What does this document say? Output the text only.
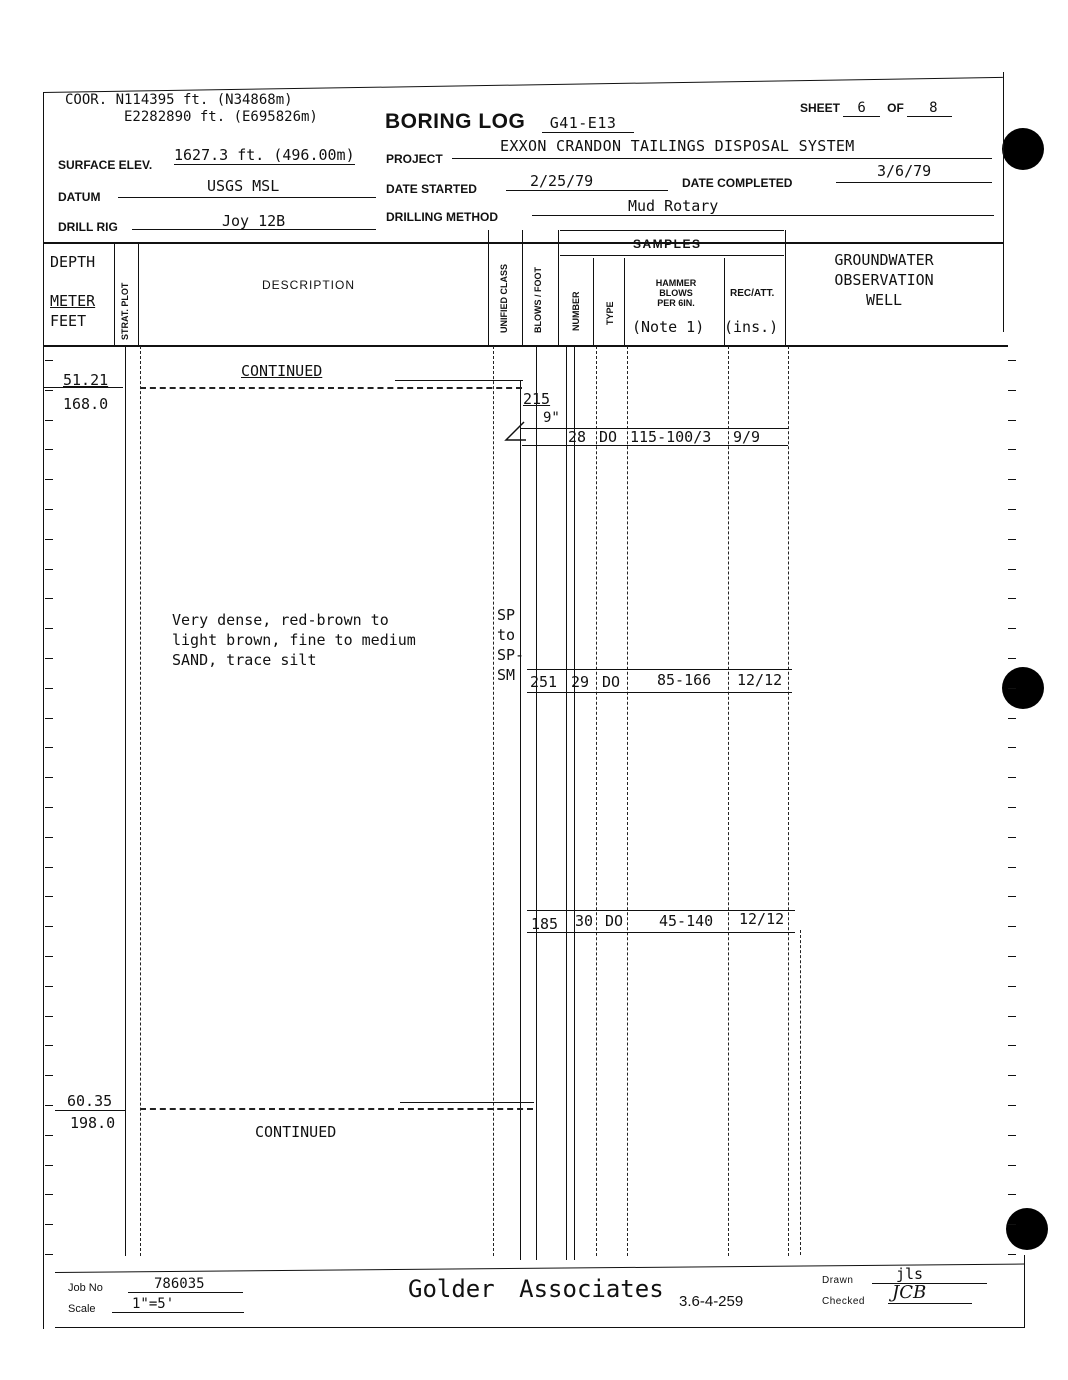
COOR. N114395 ft. (N34868m)
E2282890 ft. (E695826m)	BORING LOG G41-E13
SHEET 6 OF 8
SURFACE ELEV.
1627.3 ft. (496.00m)	PROJECT
EXXON CRANDON TAILINGS DISPOSAL SYSTEM
DATUM
USGS MSL	DATE STARTED	2/25/79	DATE COMPLETED
3/6/79
DRILL RIG	Joy 12B	DRILLING METHOD
Mud Rotary
DEPTH
METER
FEET	STRAT. PLOT	DESCRIPTION	UNIFIED CLASS	BLOWS / FOOT
SAMPLES
NUMBER	TYPE
HAMMER
BLOWS
PER 6IN.
(Note 1)
REC/ATT.
(ins.)
GROUNDWATER
OBSERVATION
WELL
CONTINUED
51.21
168.0	215
9"
28 DO 115-100/3 9/9
251 29 DO 85-166 12/12
185 30 DO 45-140 12/12
Very dense, red-brown to
light brown, fine to medium
SAND, trace silt
SP
to
SP-
SM
60.35
198.0	CONTINUED
Job No	786035
Scale	1"=5'
Golder Associates 3.6-4-259
Drawn	jls
Checked JCB
